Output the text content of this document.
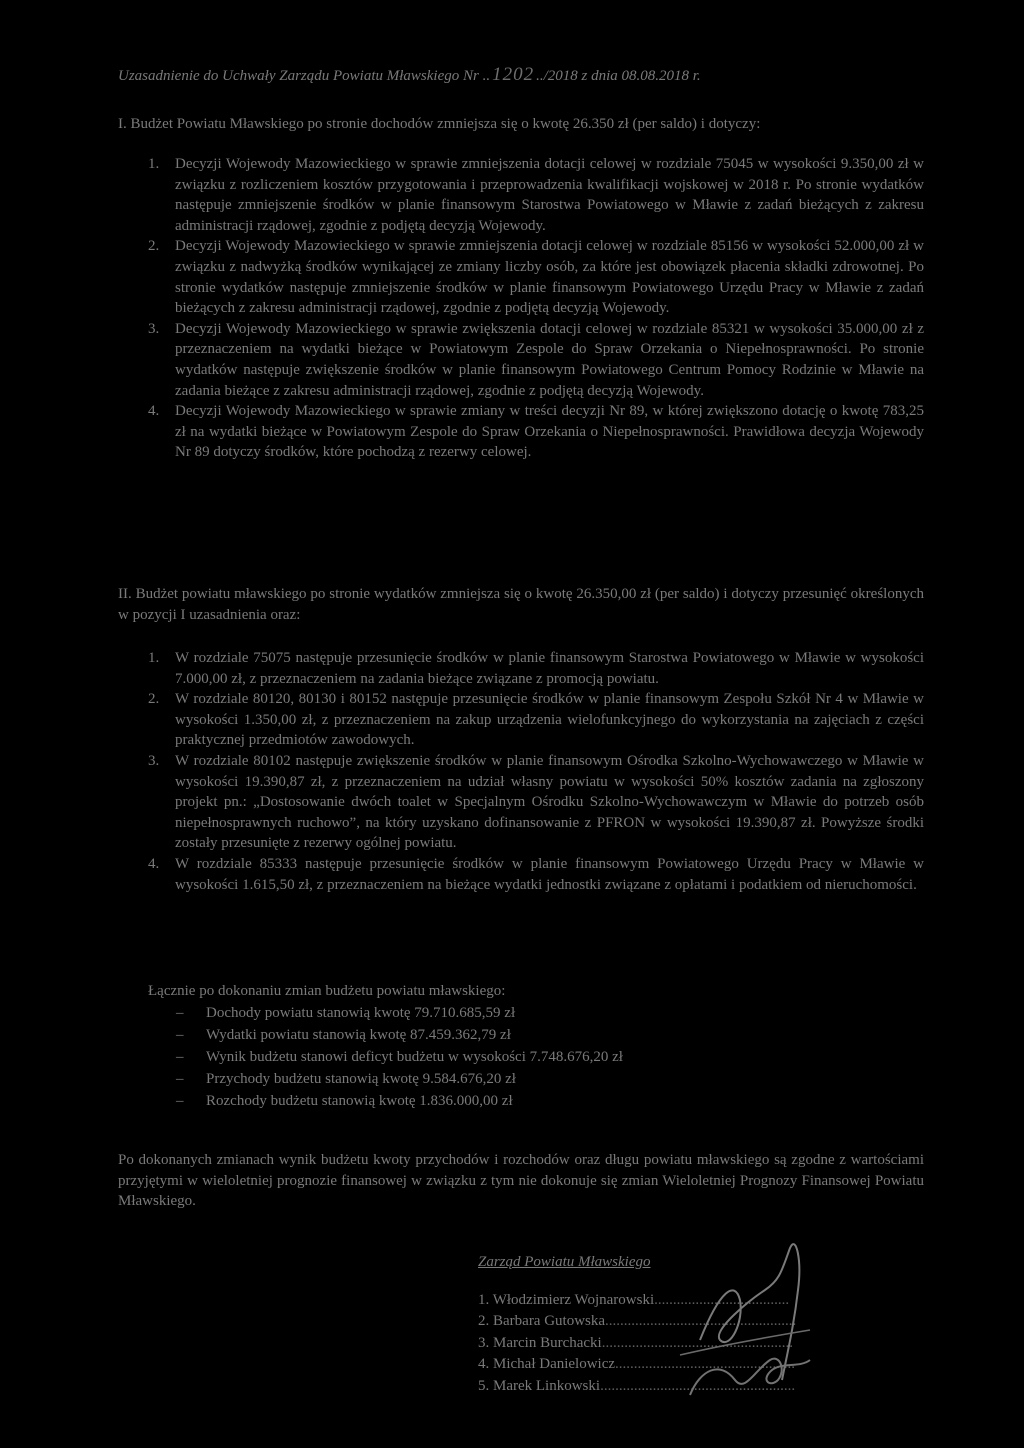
Uzasadnienie do Uchwały Zarządu Powiatu Mławskiego Nr .. 1202 ../2018 z dnia 08.08.2018 r.
I. Budżet Powiatu Mławskiego po stronie dochodów zmniejsza się o kwotę 26.350 zł (per saldo) i dotyczy:
1. Decyzji Wojewody Mazowieckiego w sprawie zmniejszenia dotacji celowej w rozdziale 75045 w wysokości 9.350,00 zł w związku z rozliczeniem kosztów przygotowania i przeprowadzenia kwalifikacji wojskowej w 2018 r. Po stronie wydatków następuje zmniejszenie środków w planie finansowym Starostwa Powiatowego w Mławie z zadań bieżących z zakresu administracji rządowej, zgodnie z podjętą decyzją Wojewody.
2. Decyzji Wojewody Mazowieckiego w sprawie zmniejszenia dotacji celowej w rozdziale 85156 w wysokości 52.000,00 zł w związku z nadwyżką środków wynikającej ze zmiany liczby osób, za które jest obowiązek płacenia składki zdrowotnej. Po stronie wydatków następuje zmniejszenie środków w planie finansowym Powiatowego Urzędu Pracy w Mławie z zadań bieżących z zakresu administracji rządowej, zgodnie z podjętą decyzją Wojewody.
3. Decyzji Wojewody Mazowieckiego w sprawie zwiększenia dotacji celowej w rozdziale 85321 w wysokości 35.000,00 zł z przeznaczeniem na wydatki bieżące w Powiatowym Zespole do Spraw Orzekania o Niepełnosprawności. Po stronie wydatków następuje zwiększenie środków w planie finansowym Powiatowego Centrum Pomocy Rodzinie w Mławie na zadania bieżące z zakresu administracji rządowej, zgodnie z podjętą decyzją Wojewody.
4. Decyzji Wojewody Mazowieckiego w sprawie zmiany w treści decyzji Nr 89, w której zwiększono dotację o kwotę 783,25 zł na wydatki bieżące w Powiatowym Zespole do Spraw Orzekania o Niepełnosprawności. Prawidłowa decyzja Wojewody Nr 89 dotyczy środków, które pochodzą z rezerwy celowej.
II. Budżet powiatu mławskiego po stronie wydatków zmniejsza się o kwotę 26.350,00 zł (per saldo) i dotyczy przesunięć określonych w pozycji I uzasadnienia oraz:
1. W rozdziale 75075 następuje przesunięcie środków w planie finansowym Starostwa Powiatowego w Mławie w wysokości 7.000,00 zł, z przeznaczeniem na zadania bieżące związane z promocją powiatu.
2. W rozdziale 80120, 80130 i 80152 następuje przesunięcie środków w planie finansowym Zespołu Szkół Nr 4 w Mławie w wysokości 1.350,00 zł, z przeznaczeniem na zakup urządzenia wielofunkcyjnego do wykorzystania na zajęciach z części praktycznej przedmiotów zawodowych.
3. W rozdziale 80102 następuje zwiększenie środków w planie finansowym Ośrodka Szkolno-Wychowawczego w Mławie w wysokości 19.390,87 zł, z przeznaczeniem na udział własny powiatu w wysokości 50% kosztów zadania na zgłoszony projekt pn.: „Dostosowanie dwóch toalet w Specjalnym Ośrodku Szkolno-Wychowawczym w Mławie do potrzeb osób niepełnosprawnych ruchowo”, na który uzyskano dofinansowanie z PFRON w wysokości 19.390,87 zł. Powyższe środki zostały przesunięte z rezerwy ogólnej powiatu.
4. W rozdziale 85333 następuje przesunięcie środków w planie finansowym Powiatowego Urzędu Pracy w Mławie w wysokości 1.615,50 zł, z przeznaczeniem na bieżące wydatki jednostki związane z opłatami i podatkiem od nieruchomości.
Łącznie po dokonaniu zmian budżetu powiatu mławskiego:
– Dochody powiatu stanowią kwotę 79.710.685,59 zł
– Wydatki powiatu stanowią kwotę 87.459.362,79 zł
– Wynik budżetu stanowi deficyt budżetu w wysokości 7.748.676,20 zł
– Przychody budżetu stanowią kwotę 9.584.676,20 zł
– Rozchody budżetu stanowią kwotę 1.836.000,00 zł
Po dokonanych zmianach wynik budżetu kwoty przychodów i rozchodów oraz długu powiatu mławskiego są zgodne z wartościami przyjętymi w wieloletniej prognozie finansowej w związku z tym nie dokonuje się zmian Wieloletniej Prognozy Finansowej Powiatu Mławskiego.
Zarząd Powiatu Mławskiego
1. Włodzimierz Wojnarowski....................................
2. Barbara Gutowska...................................................
3. Marcin Burchacki...................................................
4. Michał Danielowicz................................................
5. Marek Linkowski....................................................
